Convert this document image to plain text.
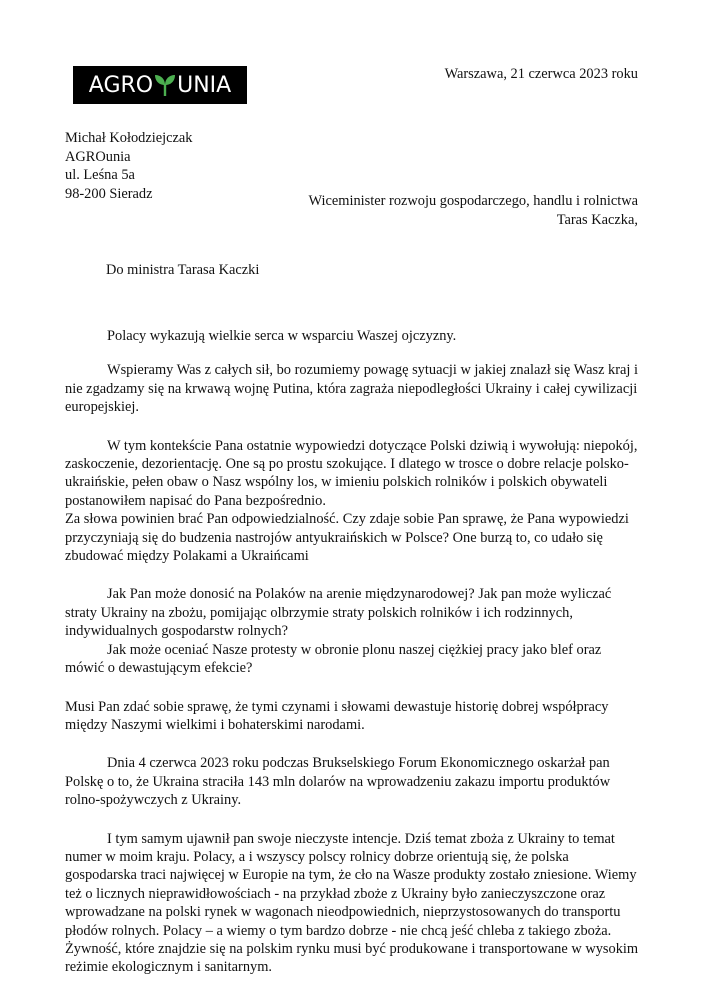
AGRO UNIA	Warszawa, 21 czerwca 2023 roku
Michał Kołodziejczak
AGROunia
ul. Leśna 5a
98-200 Sieradz	Wiceminister rozwoju gospodarczego, handlu i rolnictwa
Taras Kaczka,
Do ministra Tarasa Kaczki

Polacy wykazują wielkie serca w wsparciu Waszej ojczyzny.

Wspieramy Was z całych sił, bo rozumiemy powagę sytuacji w jakiej znalazł się Wasz kraj i nie zgadzamy się na krwawą wojnę Putina, która zagraża niepodległości Ukrainy i całej cywilizacji europejskiej.

W tym kontekście Pana ostatnie wypowiedzi dotyczące Polski dziwią i wywołują: niepokój, zaskoczenie, dezorientację. One są po prostu szokujące. I dlatego w trosce o dobre relacje polsko-ukraińskie, pełen obaw o Nasz wspólny los, w imieniu polskich rolników i polskich obywateli postanowiłem napisać do Pana bezpośrednio.

Za słowa powinien brać Pan odpowiedzialność. Czy zdaje sobie Pan sprawę, że Pana wypowiedzi przyczyniają się do budzenia nastrojów antyukraińskich w Polsce? One burzą to, co udało się zbudować między Polakami a Ukraińcami

Jak Pan może donosić na Polaków na arenie międzynarodowej? Jak pan może wyliczać straty Ukrainy na zbożu, pomijając olbrzymie straty polskich rolników i ich rodzinnych, indywidualnych gospodarstw rolnych?

Jak może oceniać Nasze protesty w obronie plonu naszej ciężkiej pracy jako blef oraz mówić o dewastującym efekcie?

Musi Pan zdać sobie sprawę, że tymi czynami i słowami dewastuje historię dobrej współpracy między Naszymi wielkimi i bohaterskimi narodami.

Dnia 4 czerwca 2023 roku podczas Brukselskiego Forum Ekonomicznego oskarżał pan Polskę o to, że Ukraina straciła 143 mln dolarów na wprowadzeniu zakazu importu produktów rolno-spożywczych z Ukrainy.

I tym samym ujawnił pan swoje nieczyste intencje. Dziś temat zboża z Ukrainy to temat numer w moim kraju. Polacy, a i wszyscy polscy rolnicy dobrze orientują się, że polska gospodarska traci najwięcej w Europie na tym, że cło na Wasze produkty zostało zniesione. Wiemy też o licznych nieprawidłowościach - na przykład zboże z Ukrainy było zanieczyszczone oraz wprowadzane na polski rynek w wagonach nieodpowiednich, nieprzystosowanych do transportu płodów rolnych. Polacy – a wiemy o tym bardzo dobrze - nie chcą jeść chleba z takiego zboża. Żywność, które znajdzie się na polskim rynku musi być produkowane i transportowane w wysokim reżimie ekologicznym i sanitarnym.
